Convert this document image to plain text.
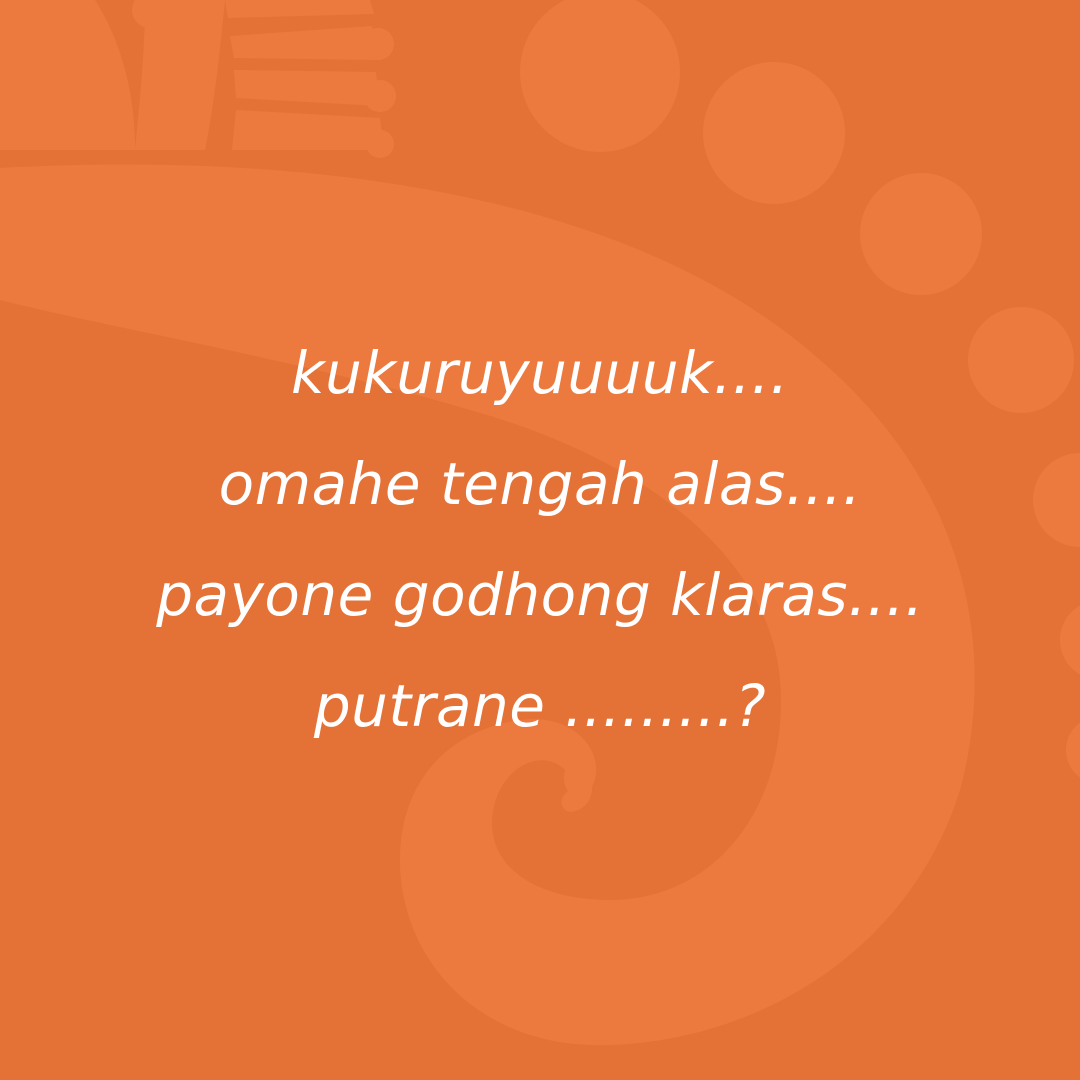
kukuruyuuuuk....
omahe tengah alas....
payone godhong klaras....
putrane .........?
